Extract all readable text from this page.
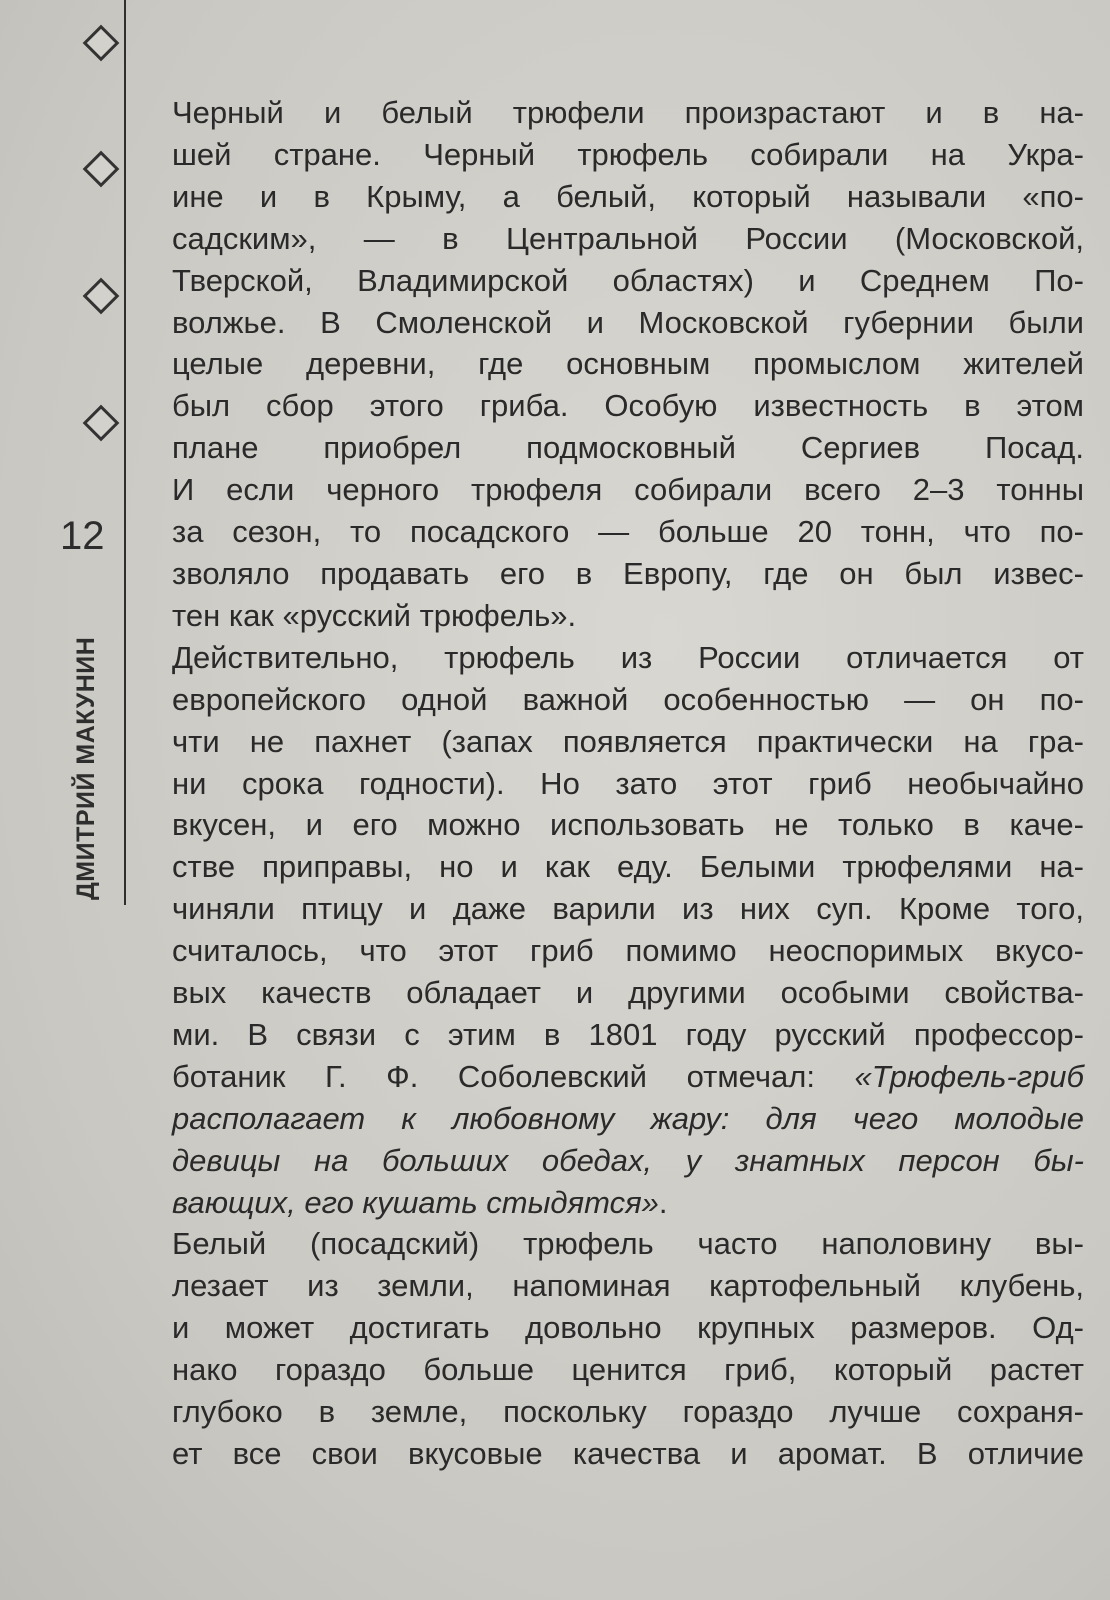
12
ДМИТРИЙ МАКУНИН
Черный и белый трюфели произрастают и в на-
шей стране. Черный трюфель собирали на Укра-
ине и в Крыму, а белый, который называли «по-
садским», — в Центральной России (Московской,
Тверской, Владимирской областях) и Среднем По-
волжье. В Смоленской и Московской губернии были
целые деревни, где основным промыслом жителей
был сбор этого гриба. Особую известность в этом
плане приобрел подмосковный Сергиев Посад.
И если черного трюфеля собирали всего 2–3 тонны
за сезон, то посадского — больше 20 тонн, что по-
зволяло продавать его в Европу, где он был извес-
тен как «русский трюфель».
Действительно, трюфель из России отличается от
европейского одной важной особенностью — он по-
чти не пахнет (запах появляется практически на гра-
ни срока годности). Но зато этот гриб необычайно
вкусен, и его можно использовать не только в каче-
стве приправы, но и как еду. Белыми трюфелями на-
чиняли птицу и даже варили из них суп. Кроме того,
считалось, что этот гриб помимо неоспоримых вкусо-
вых качеств обладает и другими особыми свойства-
ми. В связи с этим в 1801 году русский профессор-
ботаник Г. Ф. Соболевский отмечал: «Трюфель-гриб
располагает к любовному жару: для чего молодые
девицы на больших обедах, у знатных персон бы-
вающих, его кушать стыдятся».
Белый (посадский) трюфель часто наполовину вы-
лезает из земли, напоминая картофельный клубень,
и может достигать довольно крупных размеров. Од-
нако гораздо больше ценится гриб, который растет
глубоко в земле, поскольку гораздо лучше сохраня-
ет все свои вкусовые качества и аромат. В отличие
